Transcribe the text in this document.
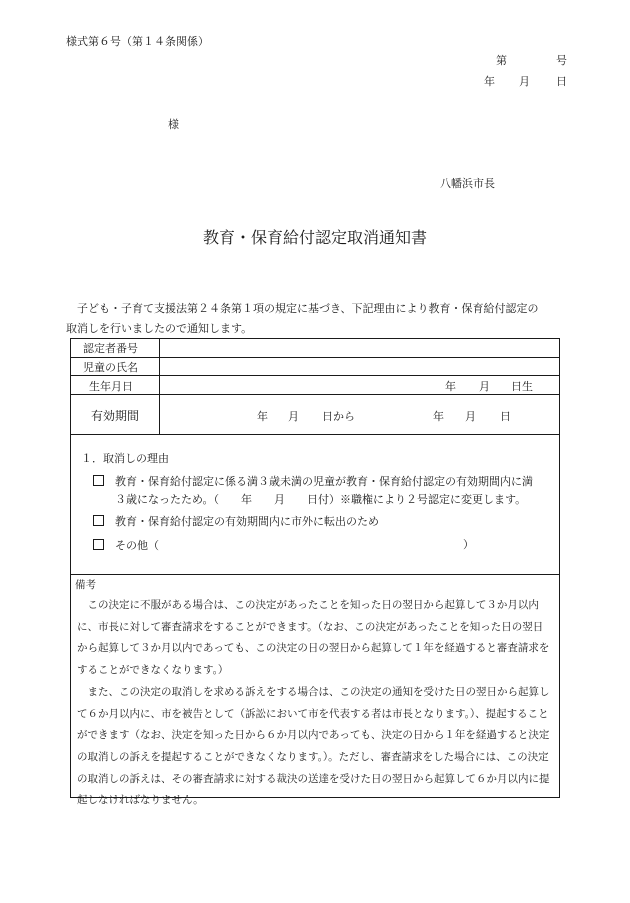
様式第６号（第１４条関係）
第	号
年 月 日
様
八幡浜市長
教育・保育給付認定取消通知書

子ども・子育て支援法第２４条第１項の規定に基づき、下記理由により教育・保育給付認定の

取消しを行いましたので通知します。

認定者番号
児童の氏名
生年月日	年 月 日生
有効期間	年 月 日から	年 月 日
１．取消しの理由
教育・保育給付認定に係る満３歳未満の児童が教育・保育給付認定の有効期間内に満
３歳になったため。（　　年　　月　　日付）※職権により２号認定に変更します。
教育・保育給付認定の有効期間内に市外に転出のため
その他（	）
備考

　この決定に不服がある場合は、この決定があったことを知った日の翌日から起算して３か月以内に、市長に対して審査請求をすることができます。（なお、この決定があったことを知った日の翌日から起算して３か月以内であっても、この決定の日の翌日から起算して１年を経過すると審査請求をすることができなくなります。）

　また、この決定の取消しを求める訴えをする場合は、この決定の通知を受けた日の翌日から起算して６か月以内に、市を被告として（訴訟において市を代表する者は市長となります。）、提起することができます（なお、決定を知った日から６か月以内であっても、決定の日から１年を経過すると決定の取消しの訴えを提起することができなくなります。）。ただし、審査請求をした場合には、この決定の取消しの訴えは、その審査請求に対する裁決の送達を受けた日の翌日から起算して６か月以内に提起しなければなりません。
